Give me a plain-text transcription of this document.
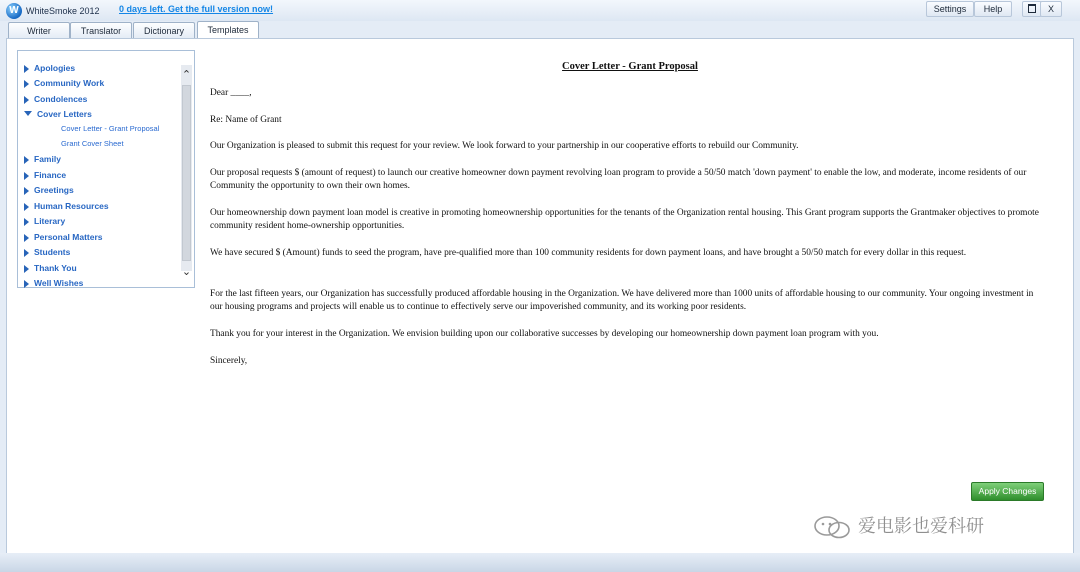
W WhiteSmoke 2012 0 days left. Get the full version now!	Settings	Help	X
Writer	Translator	Dictionary	Templates
Apologies
Community Work
Condolences
Cover Letters
Cover Letter - Grant Proposal
Grant Cover Sheet
Family
Finance
Greetings
Human Resources
Literary
Personal Matters
Students
Thank You
Well Wishes
⌃
⌄
Cover Letter - Grant Proposal
Dear ____,
Re: Name of Grant
Our Organization is pleased to submit this request for your review. We look forward to your partnership in our cooperative efforts to rebuild our Community.
Our proposal requests $ (amount of request) to launch our creative homeowner down payment revolving loan program to provide a 50/50 match 'down payment' to enable the low, and moderate, income residents of our Community the opportunity to own their own homes.
Our homeownership down payment loan model is creative in promoting homeownership opportunities for the tenants of the Organization rental housing. This Grant program supports the Grantmaker objectives to promote community resident home-ownership opportunities.
We have secured $ (Amount) funds to seed the program, have pre-qualified more than 100 community residents for down payment loans, and have brought a 50/50 match for every dollar in this request.
For the last fifteen years, our Organization has successfully produced affordable housing in the Organization. We have delivered more than 1000 units of affordable housing to our community. Your ongoing investment in our housing programs and projects will enable us to continue to effectively serve our impoverished community, and its working poor residents.
Thank you for your interest in the Organization. We envision building upon our collaborative successes by developing our homeownership down payment loan program with you.
Sincerely,
Apply Changes
爱电影也爱科研
